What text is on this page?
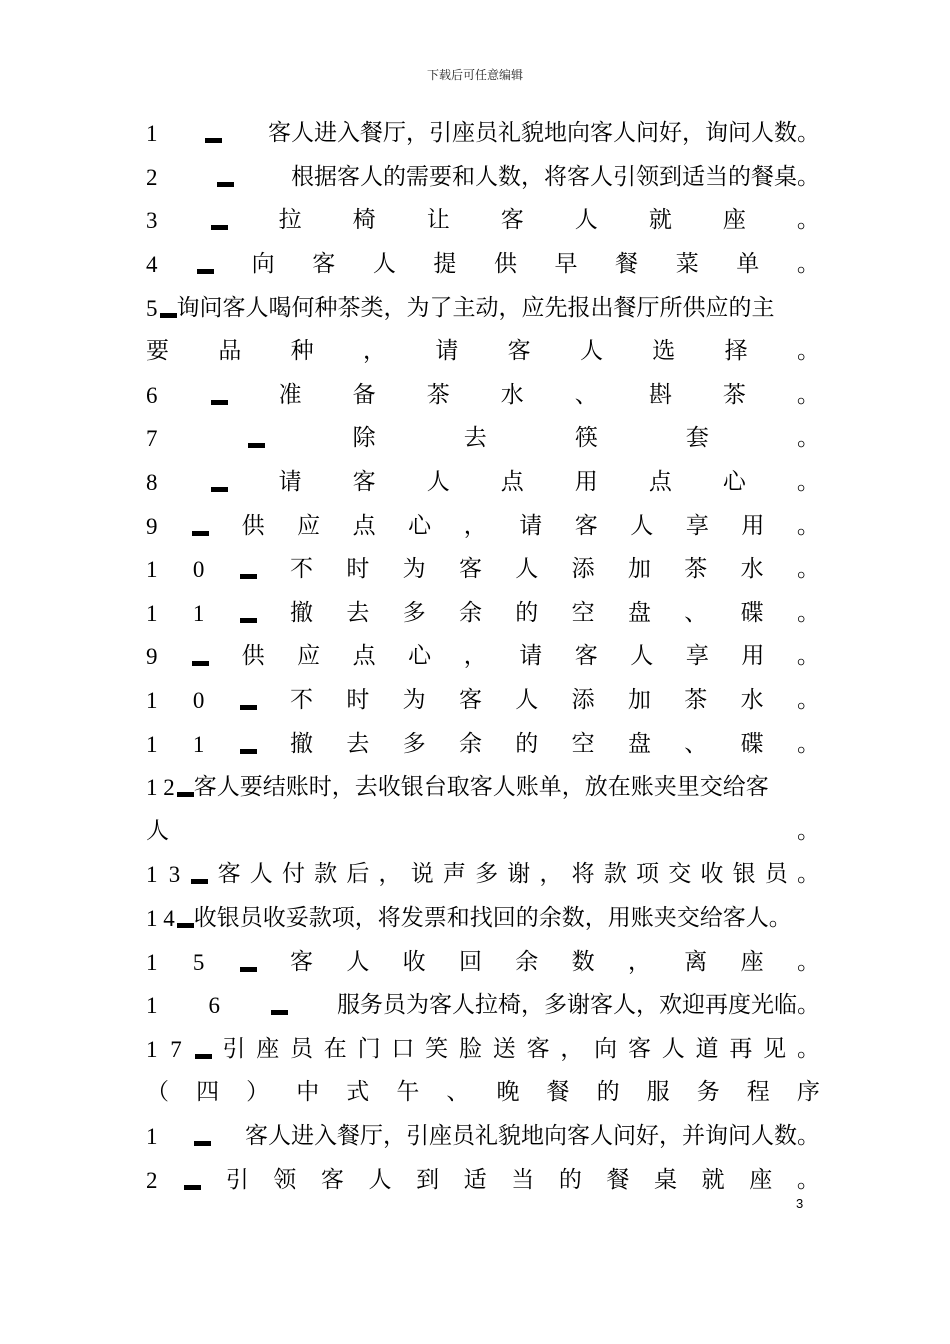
下载后可任意编辑
1	客人进入餐厅，引座员礼貌地向客人问好，询问人数。
2	根据客人的需要和人数，将客人引领到适当的餐桌。
3	拉 椅 让 客 人 就 座 。
4	向 客 人 提 供 早 餐 菜 单 。
5 询问客人喝何种茶类，为了主动，应先报出餐厅所供应的主
要 品 种 ， 请 客 人 选 择 。
6	准 备 茶 水 、 斟 茶 。
7	除	去	筷	套	。
8	请 客 人 点 用 点 心 。
9	供 应 点 心 ， 请 客 人 享 用 。
1 0	不 时 为 客 人 添 加 茶 水 。
1 1	撤 去 多 余 的 空 盘 、 碟 。
9	供 应 点 心 ， 请 客 人 享 用 。
1 0	不 时 为 客 人 添 加 茶 水 。
1 1	撤 去 多 余 的 空 盘 、 碟 。
1 2 客人要结账时，去收银台取客人账单，放在账夹里交给客
人	。
1 3 客 人 付 款 后 ， 说 声 多 谢 ， 将 款 项 交 收 银 员 。
1 4 收银员收妥款项，将发票和找回的余数，用账夹交给客人。
1 5	客 人 收 回 余 数 ， 离 座 。
1 6	服务员为客人拉椅，多谢客人，欢迎再度光临。
1 7 引 座 员 在 门 口 笑 脸 送 客 ， 向 客 人 道 再 见 。
（ 四 ） 中 式 午 、 晚 餐 的 服 务 程 序
1	客人进入餐厅，引座员礼貌地向客人问好，并询问人数。
2	引 领 客 人 到 适 当 的 餐 桌 就 座 。
3
